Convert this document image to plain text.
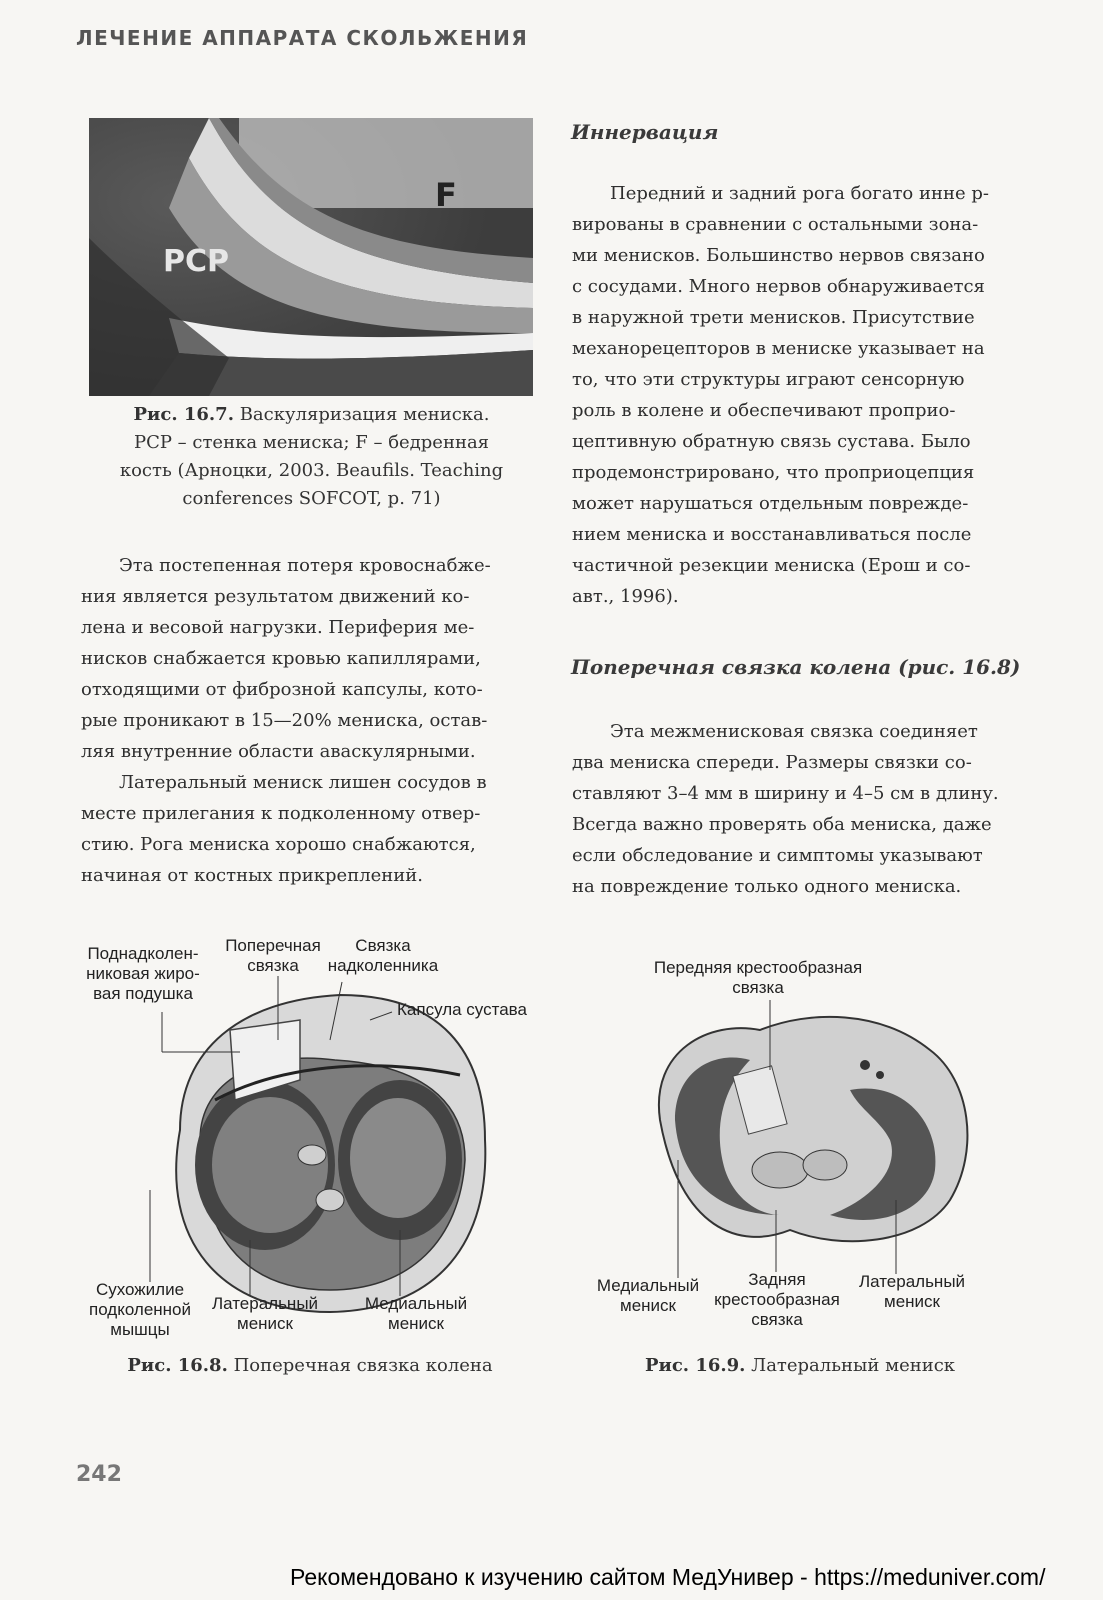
ЛЕЧЕНИЕ АППАРАТА СКОЛЬЖЕНИЯ
PCP
F
Рис. 16.7. Васкуляризация мениска.
PCP – стенка мениска; F – бедренная
кость (Арноцки, 2003. Beaufils. Teaching
conferences SOFCOT, p. 71)
Эта постепенная потеря кровоснабже-
ния является результатом движений ко-
лена и весовой нагрузки. Периферия ме-
нисков снабжается кровью капиллярами,
отходящими от фиброзной капсулы, кото-
рые проникают в 15—20% мениска, остав-
ляя внутренние области аваскулярными.
Латеральный мениск лишен сосудов в
месте прилегания к подколенному отвер-
стию. Рога мениска хорошо снабжаются,
начиная от костных прикреплений.
Иннервация
Передний и задний рога богато инне р-
вированы в сравнении с остальными зона-
ми менисков. Большинство нервов связано
с сосудами. Много нервов обнаруживается
в наружной трети менисков. Присутствие
механорецепторов в мениске указывает на
то, что эти структуры играют сенсорную
роль в колене и обеспечивают проприо-
цептивную обратную связь сустава. Было
продемонстрировано, что проприоцепция
может нарушаться отдельным поврежде-
нием мениска и восстанавливаться после
частичной резекции мениска (Ерош и со-
авт., 1996).
Поперечная связка колена (рис. 16.8)
Эта межменисковая связка соединяет
два мениска спереди. Размеры связки со-
ставляют 3–4 мм в ширину и 4–5 см в длину.
Всегда важно проверять оба мениска, даже
если обследование и симптомы указывают
на повреждение только одного мениска.
Поднадколен-
никовая жиро-
вая подушка
Поперечная
связка
Связка
надколенника
Капсула сустава
Сухожилие
подколенной
мышцы
Латеральный
мениск
Медиальный
мениск
Рис. 16.8. Поперечная связка колена
Передняя крестообразная
связка
Медиальный
мениск
Задняя
крестообразная
связка
Латеральный
мениск
Рис. 16.9. Латеральный мениск
242
Рекомендовано к изучению сайтом МедУнивер - https://meduniver.com/
